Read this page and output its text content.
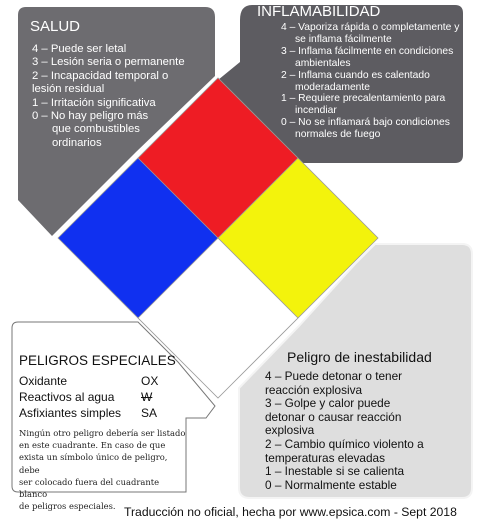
SALUD

4 – Puede ser letal
3 – Lesión seria o permanente
2 – Incapacidad temporal o
lesión residual
1 – Irritación significativa
0 – No hay peligro más
que combustibles
ordinarios

INFLAMABILIDAD

4 – Vaporiza rápida o completamente y
se inflama fácilmente
3 – Inflama fácilmente en condiciones
ambientales
2 – Inflama cuando es calentado
moderadamente
1 – Requiere precalentamiento para
incendiar
0 – No se inflamará bajo condiciones
normales de fuego

Peligro de inestabilidad

4 – Puede detonar o tener
reacción explosiva
3 – Golpe y calor puede
detonar o causar reacción
explosiva
2 – Cambio químico violento a
temperaturas elevadas
1 – Inestable si se calienta
0 – Normalmente estable

PELIGROS ESPECIALES

Oxidante	OX
Reactivos al agua W
Asfixiantes simples SA
Ningún otro peligro debería ser listado
en este cuadrante. En caso de que
exista un símbolo único de peligro, debe
ser colocado fuera del cuadrante blanco
de peligros especiales. Traducción no oficial, hecha por www.epsica.com - Sept 2018
